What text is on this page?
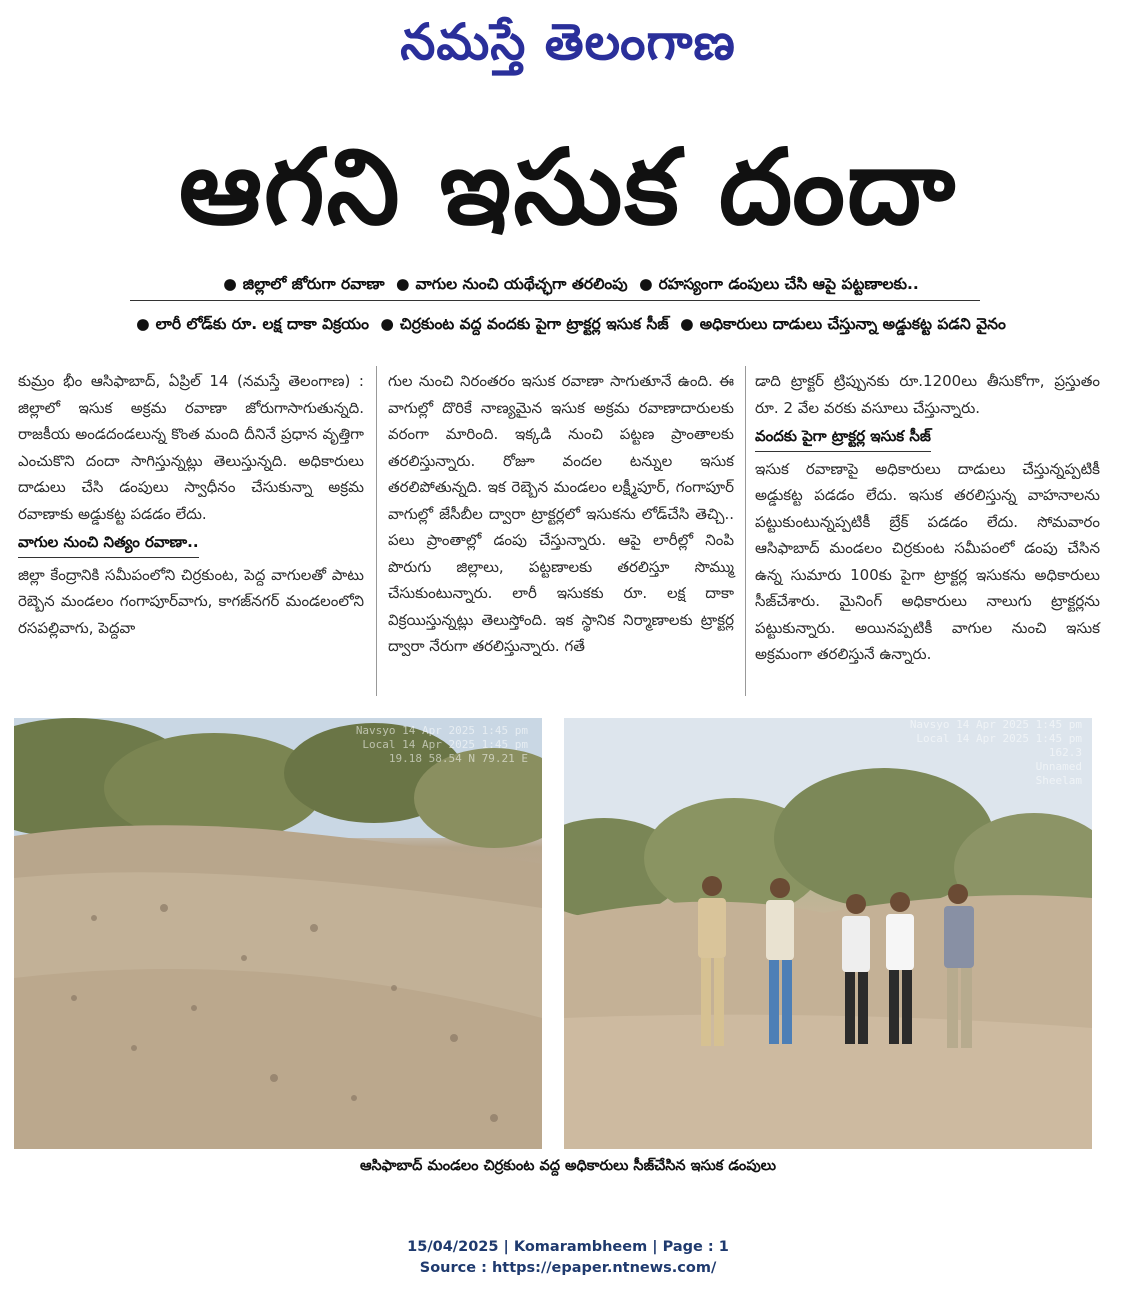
నమస్తే తెలంగాణ
ఆగని ఇసుక దందా
● జిల్లాలో జోరుగా రవాణా ● వాగుల నుంచి యథేచ్ఛగా తరలింపు ● రహస్యంగా డంపులు చేసి ఆపై పట్టణాలకు..
● లారీ లోడ్‌కు రూ. లక్ష దాకా విక్రయం ● చిర్రకుంట వద్ద వందకు పైగా ట్రాక్టర్ల ఇసుక సీజ్ ● అధికారులు దాడులు చేస్తున్నా అడ్డుకట్ట పడని వైనం
కుమ్రం భీం ఆసిఫాబాద్, ఏప్రిల్ 14 (నమస్తే తెలంగాణ) : జిల్లాలో ఇసుక అక్రమ రవాణా జోరుగాసాగుతున్నది. రాజకీయ అండదండలున్న కొంత మంది దీనినే ప్రధాన వృత్తిగా ఎంచుకొని దందా సాగిస్తున్నట్లు తెలుస్తున్నది. అధికారులు దాడులు చేసి డంపులు స్వాధీనం చేసుకున్నా అక్రమ రవాణాకు అడ్డుకట్ట పడడం లేదు.
వాగుల నుంచి నిత్యం రవాణా..
జిల్లా కేంద్రానికి సమీపంలోని చిర్రకుంట, పెద్ద వాగులతో పాటు రెబ్బెన మండలం గంగాపూర్‌వాగు, కాగజ్‌నగర్ మండలంలోని రసపల్లివాగు, పెద్దవా
గుల నుంచి నిరంతరం ఇసుక రవాణా సాగుతూనే ఉంది. ఈ వాగుల్లో దొరికే నాణ్యమైన ఇసుక అక్రమ రవాణాదారులకు వరంగా మారింది. ఇక్కడి నుంచి పట్టణ ప్రాంతాలకు తరలిస్తున్నారు. రోజూ వందల టన్నుల ఇసుక తరలిపోతున్నది. ఇక రెబ్బెన మండలం లక్ష్మీపూర్, గంగాపూర్ వాగుల్లో జేసీబీల ద్వారా ట్రాక్టర్లలో ఇసుకను లోడ్‌చేసి తెచ్చి.. పలు ప్రాంతాల్లో డంపు చేస్తున్నారు. ఆపై లారీల్లో నింపి పొరుగు జిల్లాలు, పట్టణాలకు తరలిస్తూ సొమ్ము చేసుకుంటున్నారు. లారీ ఇసుకకు రూ. లక్ష దాకా విక్రయిస్తున్నట్లు తెలుస్తోంది. ఇక స్థానిక నిర్మాణాలకు ట్రాక్టర్ల ద్వారా నేరుగా తరలిస్తున్నారు. గతే
డాది ట్రాక్టర్ ట్రిప్పునకు రూ.1200లు తీసుకోగా, ప్రస్తుతం రూ. 2 వేల వరకు వసూలు చేస్తున్నారు.
వందకు పైగా ట్రాక్టర్ల ఇసుక సీజ్
ఇసుక రవాణాపై అధికారులు దాడులు చేస్తున్నప్పటికీ అడ్డుకట్ట పడడం లేదు. ఇసుక తరలిస్తున్న వాహనాలను పట్టుకుంటున్నప్పటికీ బ్రేక్ పడడం లేదు. సోమవారం ఆసిఫాబాద్ మండలం చిర్రకుంట సమీపంలో డంపు చేసిన ఉన్న సుమారు 100కు పైగా ట్రాక్టర్ల ఇసుకను అధికారులు సీజ్‌చేశారు. మైనింగ్ అధికారులు నాలుగు ట్రాక్టర్లను పట్టుకున్నారు. అయినప్పటికీ వాగుల నుంచి ఇసుక అక్రమంగా తరలిస్తునే ఉన్నారు.
Navsyo 14 Apr 2025 1:45 pm
Local 14 Apr 2025 1:45 pm
19.18 58.54 N 79.21 E
Navsyo 14 Apr 2025 1:45 pm
Local 14 Apr 2025 1:45 pm
162.3
Unnamed
Sheelam
ఆసిఫాబాద్ మండలం చిర్రకుంట వద్ద అధికారులు సీజ్‌చేసిన ఇసుక డంపులు
15/04/2025 | Komarambheem | Page : 1
Source : https://epaper.ntnews.com/
